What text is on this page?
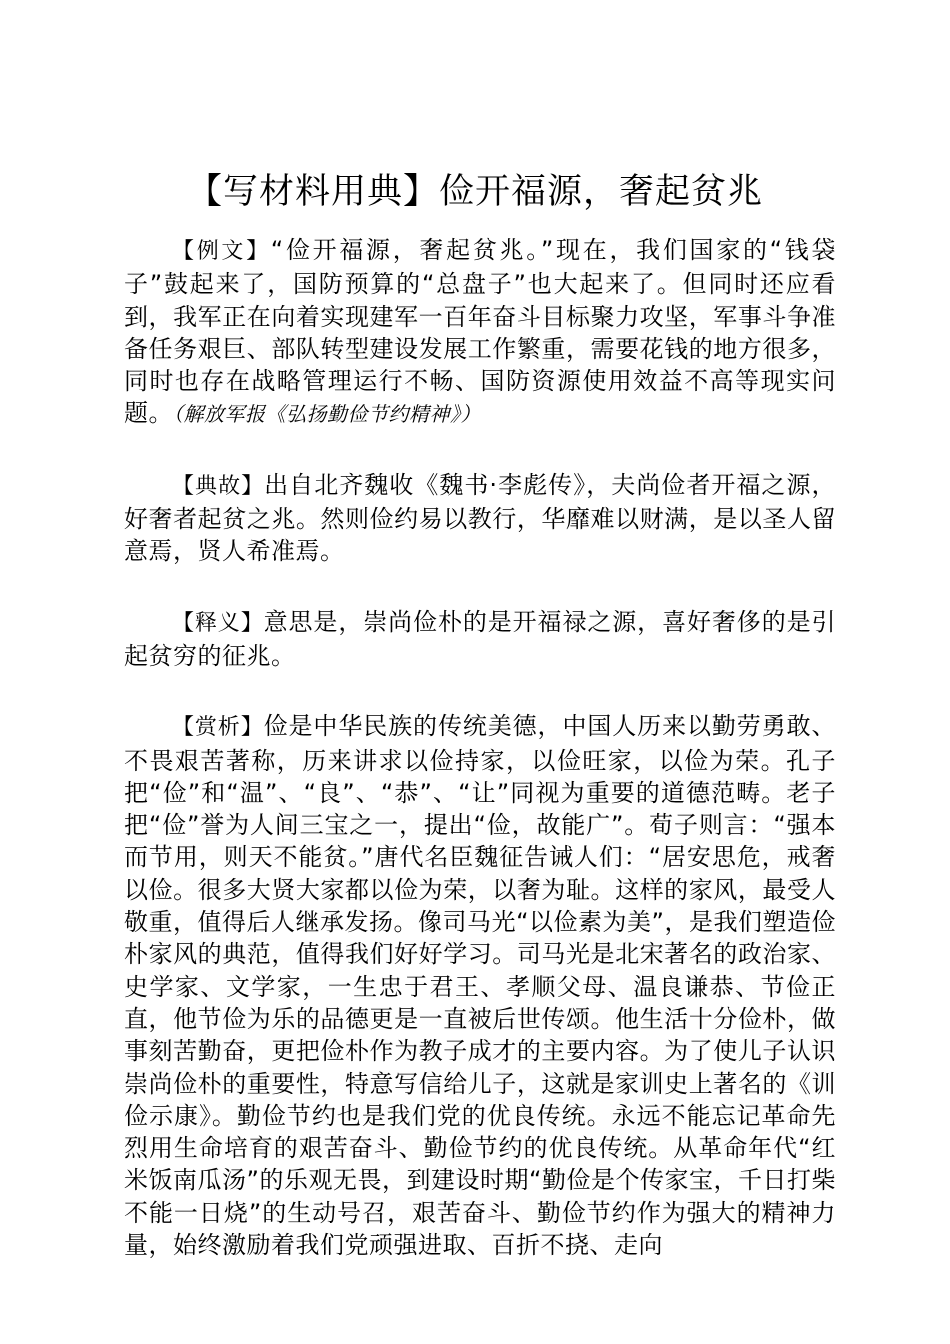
【写材料用典】俭开福源，奢起贫兆

【例文】“俭开福源，奢起贫兆。”现在，我们国家的“钱袋子”鼓起来了，国防预算的“总盘子”也大起来了。但同时还应看到，我军正在向着实现建军一百年奋斗目标聚力攻坚，军事斗争准备任务艰巨、部队转型建设发展工作繁重，需要花钱的地方很多，同时也存在战略管理运行不畅、国防资源使用效益不高等现实问题。（解放军报《弘扬勤俭节约精神》）

【典故】出自北齐魏收《魏书·李彪传》，夫尚俭者开福之源，好奢者起贫之兆。然则俭约易以教行，华靡难以财满，是以圣人留意焉，贤人希准焉。

【释义】意思是，崇尚俭朴的是开福禄之源，喜好奢侈的是引起贫穷的征兆。

【赏析】俭是中华民族的传统美德，中国人历来以勤劳勇敢、不畏艰苦著称，历来讲求以俭持家，以俭旺家，以俭为荣。孔子把“俭”和“温”、“良”、“恭”、“让”同视为重要的道德范畴。老子把“俭”誉为人间三宝之一，提出“俭，故能广”。荀子则言：“强本而节用，则天不能贫。”唐代名臣魏征告诫人们：“居安思危，戒奢以俭。很多大贤大家都以俭为荣，以奢为耻。这样的家风，最受人敬重，值得后人继承发扬。像司马光“以俭素为美”，是我们塑造俭朴家风的典范，值得我们好好学习。司马光是北宋著名的政治家、史学家、文学家，一生忠于君王、孝顺父母、温良谦恭、节俭正直，他节俭为乐的品德更是一直被后世传颂。他生活十分俭朴，做事刻苦勤奋，更把俭朴作为教子成才的主要内容。为了使儿子认识崇尚俭朴的重要性，特意写信给儿子，这就是家训史上著名的《训俭示康》。勤俭节约也是我们党的优良传统。永远不能忘记革命先烈用生命培育的艰苦奋斗、勤俭节约的优良传统。从革命年代“红米饭南瓜汤”的乐观无畏，到建设时期“勤俭是个传家宝，千日打柴不能一日烧”的生动号召，艰苦奋斗、勤俭节约作为强大的精神力量，始终激励着我们党顽强进取、百折不挠、走向
